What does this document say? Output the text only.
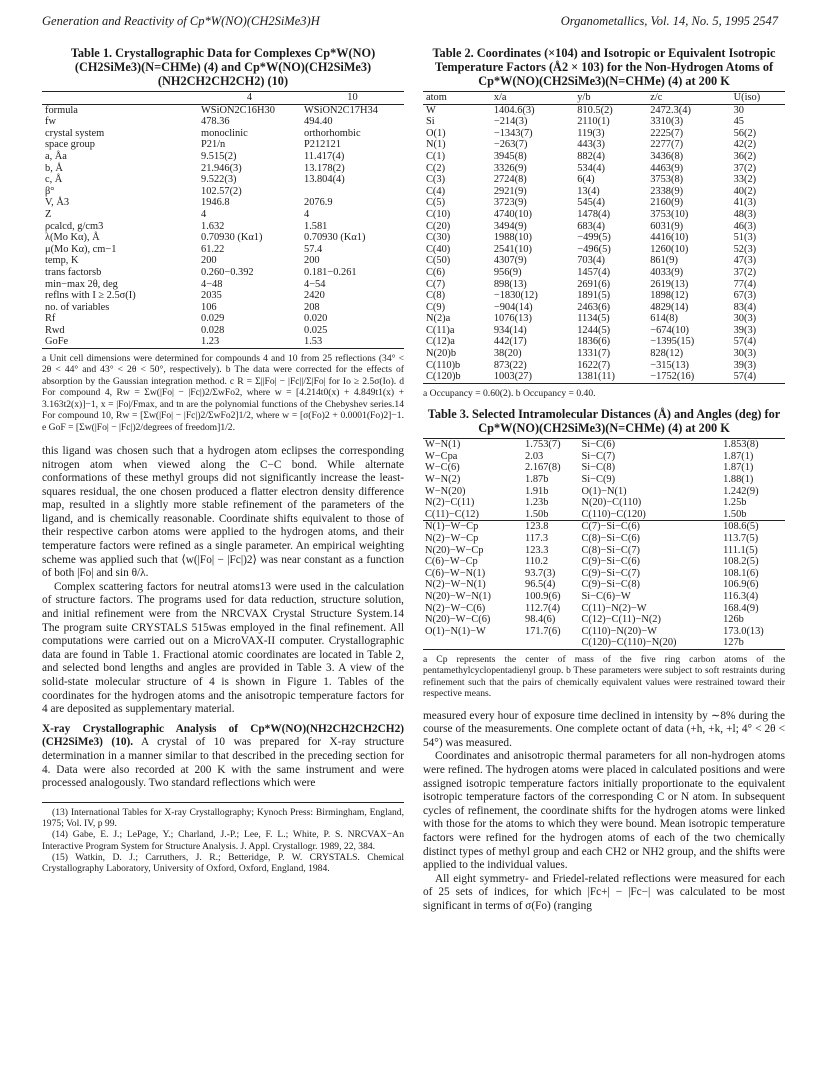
Generation and Reactivity of Cp*W(NO)(CH2SiMe3)H	Organometallics, Vol. 14, No. 5, 1995 2547
Table 1. Crystallographic Data for Complexes Cp*W(NO)(CH2SiMe3)(N=CHMe) (4) and Cp*W(NO)(CH2SiMe3)(NH2CH2CH2CH2) (10)
	4	10
formula	WSiON2C16H30	WSiON2C17H34
fw	478.36	494.40
crystal system	monoclinic	orthorhombic
space group	P21/n	P212121
a, Åa	9.515(2)	11.417(4)
b, Å	21.946(3)	13.178(2)
c, Å	9.522(3)	13.804(4)
β°	102.57(2)	
V, Å3	1946.8	2076.9
Z	4	4
ρcalcd, g/cm3	1.632	1.581
λ(Mo Kα), Å	0.70930 (Kα1)	0.70930 (Kα1)
μ(Mo Kα), cm−1	61.22	57.4
temp, K	200	200
trans factorsb	0.260−0.392	0.181−0.261
min−max 2θ, deg	4−48	4−54
reflns with I ≥ 2.5σ(I)	2035	2420
no. of variables	106	208
Rf	0.029	0.020
Rwd	0.028	0.025
GoFe	1.23	1.53
a Unit cell dimensions were determined for compounds 4 and 10 from 25 reflections (34° < 2θ < 44° and 43° < 2θ < 50°, respectively). b The data were corrected for the effects of absorption by the Gaussian integration method. c R = Σ||Fo| − |Fc||/Σ|Fo| for Io ≥ 2.5σ(Io). d For compound 4, Rw = Σw(|Fo| − |Fc|)2/ΣwFo2, where w = [4.214t0(x) + 4.849t1(x) + 3.163t2(x)]−1, x = |Fo|/Fmax, and tn are the polynomial functions of the Chebyshev series.14 For compound 10, Rw = [Σw(|Fo| − |Fc|)2/ΣwFo2]1/2, where w = [σ(Fo)2 + 0.0001(Fo)2]−1. e GoF = [Σw(|Fo| − |Fc|)2/degrees of freedom]1/2.

this ligand was chosen such that a hydrogen atom eclipses the corresponding nitrogen atom when viewed along the C−C bond. While alternate conformations of these methyl groups did not significantly increase the least-squares residual, the one chosen produced a flatter electron density difference map, resulted in a slightly more stable refinement of the parameters of the ligand, and is chemically reasonable. Coordinate shifts equivalent to those of their respective carbon atoms were applied to the hydrogen atoms, and their temperature factors were refined as a single parameter. An empirical weighting scheme was applied such that ⟨w(|Fo| − |Fc|)2⟩ was near constant as a function of both |Fo| and sin θ/λ.

Complex scattering factors for neutral atoms13 were used in the calculation of structure factors. The programs used for data reduction, structure solution, and initial refinement were from the NRCVAX Crystal Structure System.14 The program suite CRYSTALS 515was employed in the final refinement. All computations were carried out on a MicroVAX-II computer. Crystallographic data are found in Table 1. Fractional atomic coordinates are located in Table 2, and selected bond lengths and angles are provided in Table 3. A view of the solid-state molecular structure of 4 is shown in Figure 1. Tables of the coordinates for the hydrogen atoms and the anisotropic temperature factors for 4 are deposited as supplementary material.

X-ray Crystallographic Analysis of Cp*W(NO)(NH2CH2CH2CH2)(CH2SiMe3) (10). A crystal of 10 was prepared for X-ray structure determination in a manner similar to that described in the preceding section for 4. Data were also recorded at 200 K with the same instrument and were processed analogously. Two standard reflections which were

(13) International Tables for X-ray Crystallography; Kynoch Press: Birmingham, England, 1975; Vol. IV, p 99.

(14) Gabe, E. J.; LePage, Y.; Charland, J.-P.; Lee, F. L.; White, P. S. NRCVAX−An Interactive Program System for Structure Analysis. J. Appl. Crystallogr. 1989, 22, 384.

(15) Watkin, D. J.; Carruthers, J. R.; Betteridge, P. W. CRYSTALS. Chemical Crystallography Laboratory, University of Oxford, Oxford, England, 1984.

Table 2. Coordinates (×104) and Isotropic or Equivalent Isotropic Temperature Factors (Å2 × 103) for the Non-Hydrogen Atoms of Cp*W(NO)(CH2SiMe3)(N=CHMe) (4) at 200 K
atom	x/a	y/b	z/c	U(iso)
W	1404.6(3)	810.5(2)	2472.3(4)	30
Si	−214(3)	2110(1)	3310(3)	45
O(1)	−1343(7)	119(3)	2225(7)	56(2)
N(1)	−263(7)	443(3)	2277(7)	42(2)
C(1)	3945(8)	882(4)	3436(8)	36(2)
C(2)	3326(9)	534(4)	4463(9)	37(2)
C(3)	2724(8)	6(4)	3753(8)	33(2)
C(4)	2921(9)	13(4)	2338(9)	40(2)
C(5)	3723(9)	545(4)	2160(9)	41(3)
C(10)	4740(10)	1478(4)	3753(10)	48(3)
C(20)	3494(9)	683(4)	6031(9)	46(3)
C(30)	1988(10)	−499(5)	4416(10)	51(3)
C(40)	2541(10)	−496(5)	1260(10)	52(3)
C(50)	4307(9)	703(4)	861(9)	47(3)
C(6)	956(9)	1457(4)	4033(9)	37(2)
C(7)	898(13)	2691(6)	2619(13)	77(4)
C(8)	−1830(12)	1891(5)	1898(12)	67(3)
C(9)	−904(14)	2463(6)	4829(14)	83(4)
N(2)a	1076(13)	1134(5)	614(8)	30(3)
C(11)a	934(14)	1244(5)	−674(10)	39(3)
C(12)a	442(17)	1836(6)	−1395(15)	57(4)
N(20)b	38(20)	1331(7)	828(12)	30(3)
C(110)b	873(22)	1622(7)	−315(13)	39(3)
C(120)b	1003(27)	1381(11)	−1752(16)	57(4)
a Occupancy = 0.60(2). b Occupancy = 0.40.
Table 3. Selected Intramolecular Distances (Å) and Angles (deg) for Cp*W(NO)(CH2SiMe3)(N=CHMe) (4) at 200 K
W−N(1)	1.753(7)	Si−C(6)	1.853(8)
W−Cpa	2.03	Si−C(7)	1.87(1)
W−C(6)	2.167(8)	Si−C(8)	1.87(1)
W−N(2)	1.87b	Si−C(9)	1.88(1)
W−N(20)	1.91b	O(1)−N(1)	1.242(9)
N(2)−C(11)	1.23b	N(20)−C(110)	1.25b
C(11)−C(12)	1.50b	C(110)−C(120)	1.50b
N(1)−W−Cp	123.8	C(7)−Si−C(6)	108.6(5)
N(2)−W−Cp	117.3	C(8)−Si−C(6)	113.7(5)
N(20)−W−Cp	123.3	C(8)−Si−C(7)	111.1(5)
C(6)−W−Cp	110.2	C(9)−Si−C(6)	108.2(5)
C(6)−W−N(1)	93.7(3)	C(9)−Si−C(7)	108.1(6)
N(2)−W−N(1)	96.5(4)	C(9)−Si−C(8)	106.9(6)
N(20)−W−N(1)	100.9(6)	Si−C(6)−W	116.3(4)
N(2)−W−C(6)	112.7(4)	C(11)−N(2)−W	168.4(9)
N(20)−W−C(6)	98.4(6)	C(12)−C(11)−N(2)	126b
O(1)−N(1)−W	171.7(6)	C(110)−N(20)−W	173.0(13)
		C(120)−C(110)−N(20)	127b
a Cp represents the center of mass of the five ring carbon atoms of the pentamethylcyclopentadienyl group. b These parameters were subject to soft restraints during refinement such that the pairs of chemically equivalent values were restrained toward their respective means.

measured every hour of exposure time declined in intensity by ∼8% during the course of the measurements. One complete octant of data (+h, +k, +l; 4° < 2θ < 54°) was measured.

Coordinates and anisotropic thermal parameters for all non-hydrogen atoms were refined. The hydrogen atoms were placed in calculated positions and were assigned isotropic temperature factors initially proportionate to the equivalent isotropic temperature factors of the corresponding C or N atom. In subsequent cycles of refinement, the coordinate shifts for the hydrogen atoms were linked with those for the atoms to which they were bound. Mean isotropic temperature factors were refined for the hydrogen atoms of each of the two chemically distinct types of methyl group and each CH2 or NH2 group, and the shifts were applied to the individual values.

All eight symmetry- and Friedel-related reflections were measured for each of 25 sets of indices, for which |Fc+| − |Fc−| was calculated to be most significant in terms of σ(Fo) (ranging
